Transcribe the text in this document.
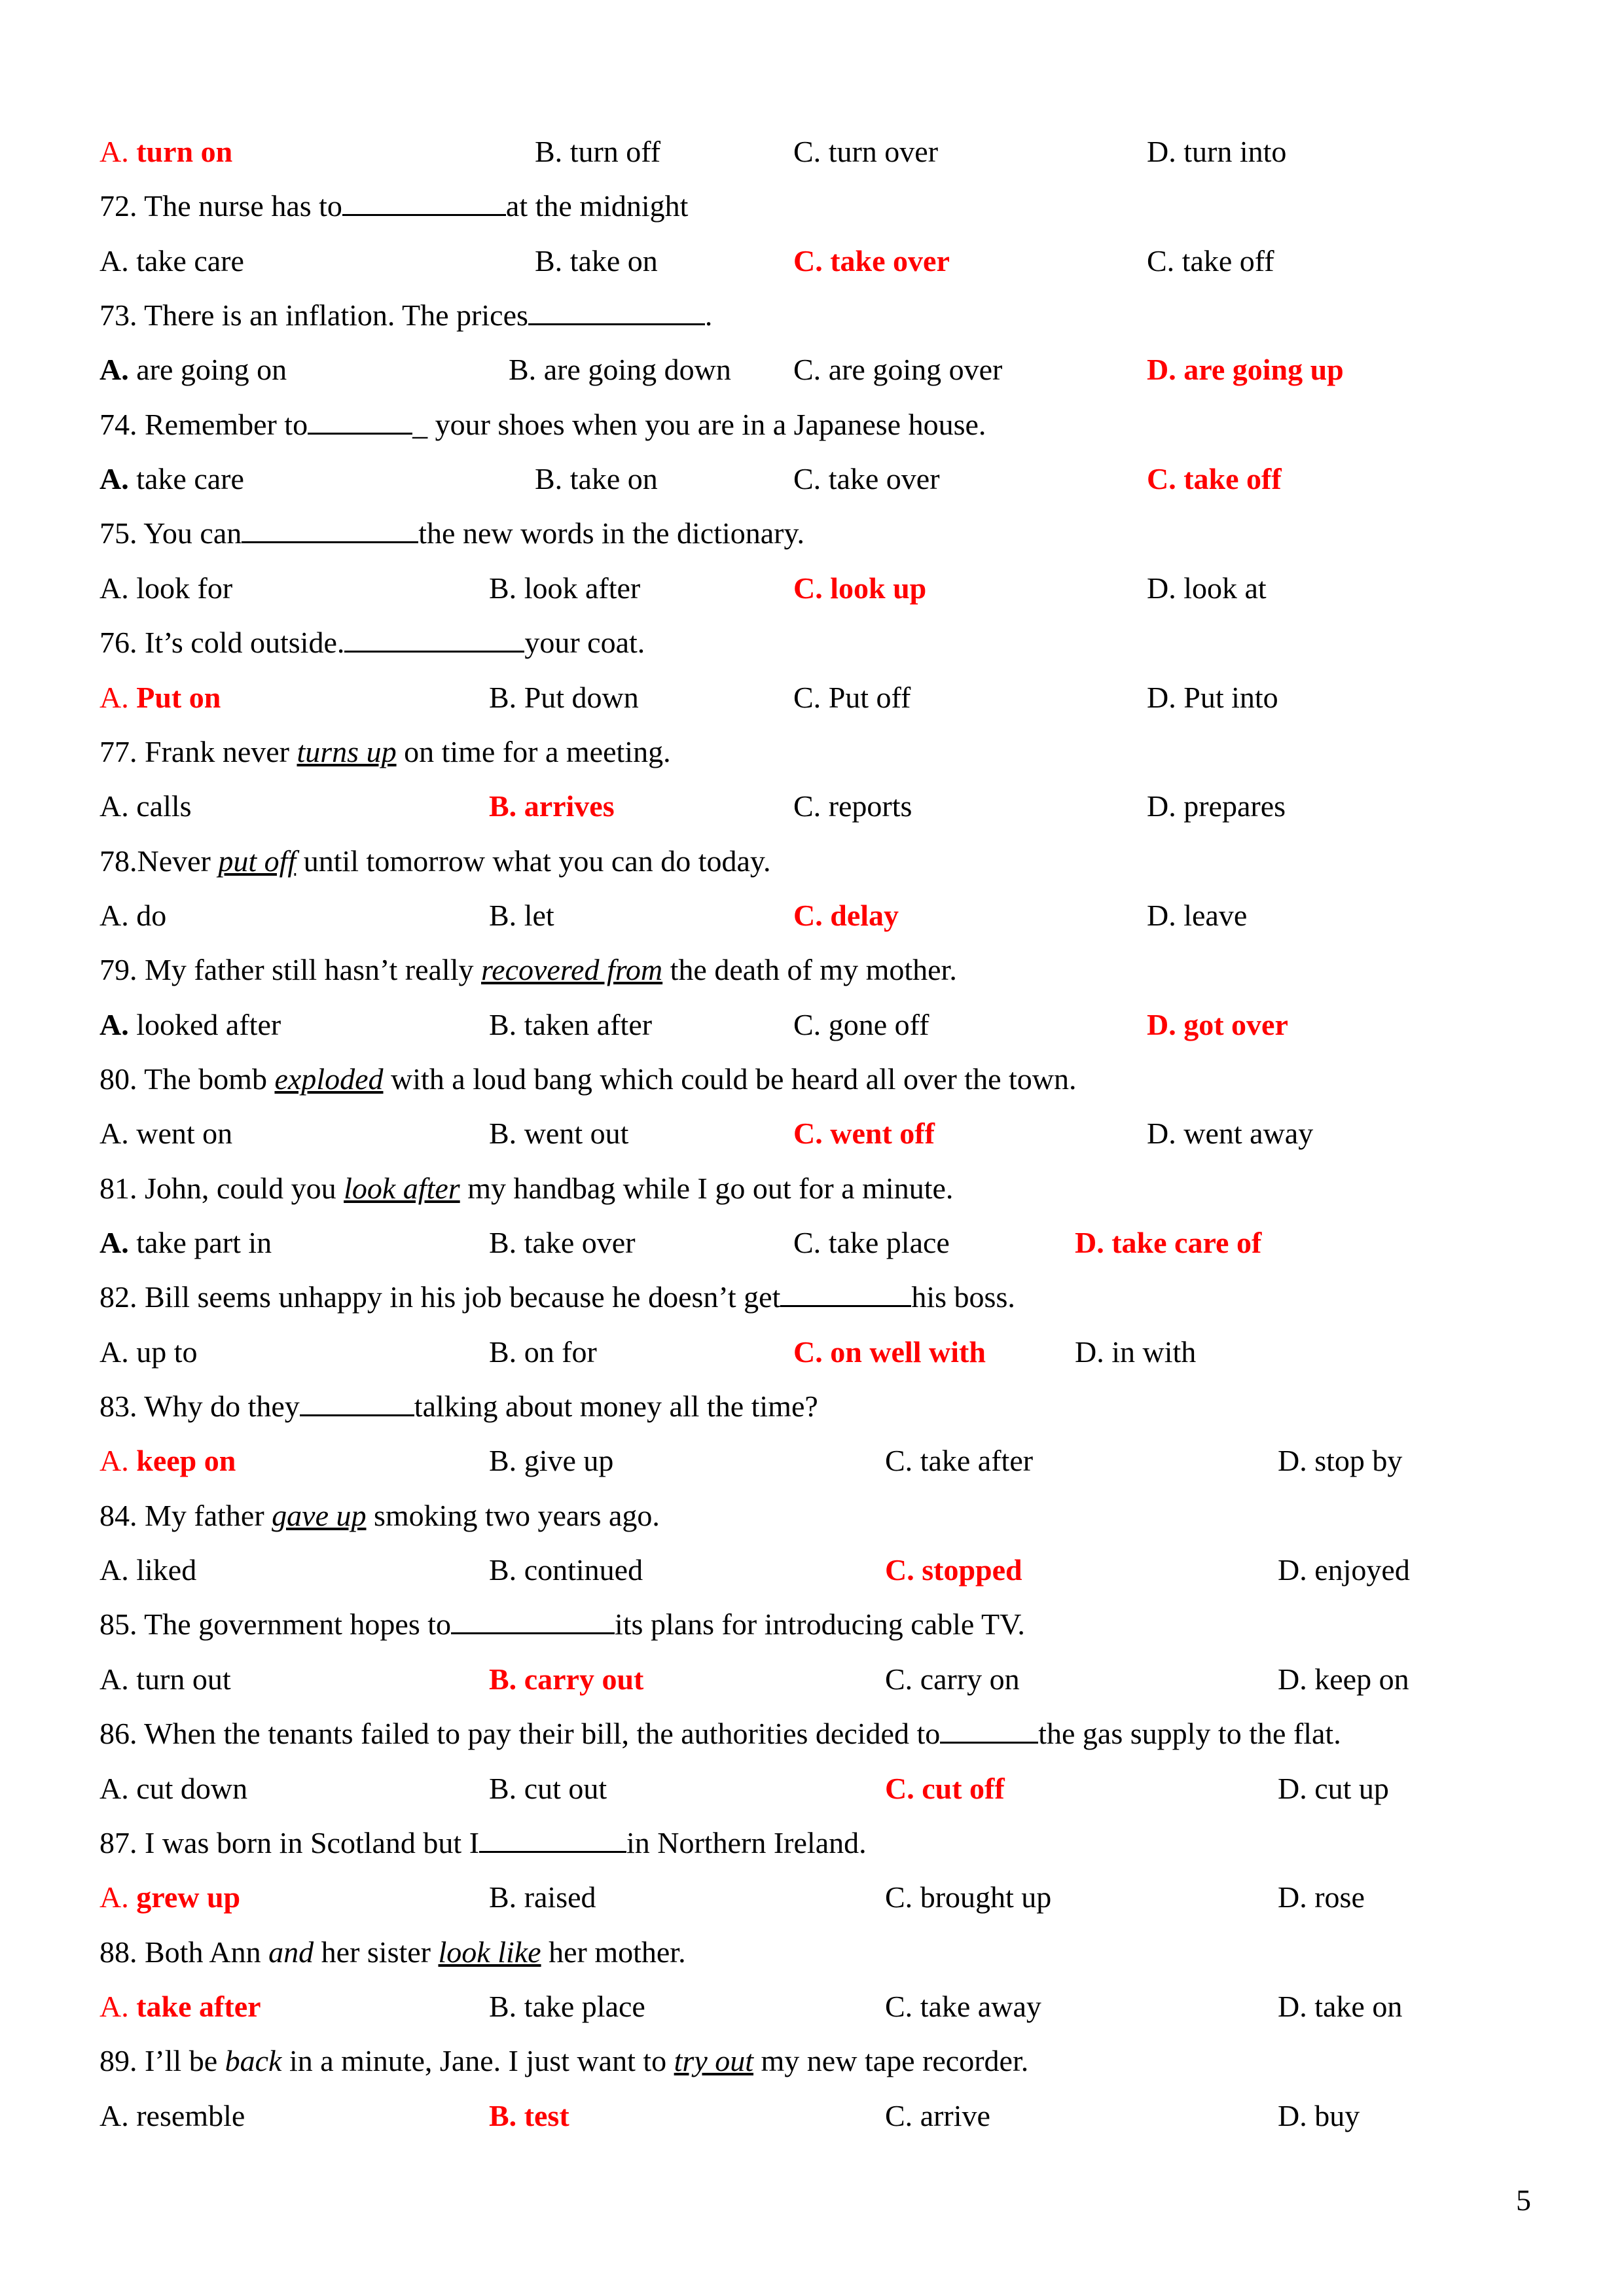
A. turn on	B. turn off	C. turn over	D. turn into
72. The nurse has to	at the midnight
A. take care	B. take on	C. take over	C. take off
73. There is an inflation. The prices	.
A. are going on	B. are going down C. are going over	D. are going up
74. Remember to	_ your shoes when you are in a Japanese house.
A. take care	B. take on	C. take over	C. take off
75. You can	the new words in the dictionary.
A. look for	B. look after	C. look up	D. look at
76. It’s cold outside.	your coat.
A. Put on	B. Put down	C. Put off	D. Put into
77. Frank never turns up on time for a meeting.
A. calls	B. arrives	C. reports	D. prepares
78.Never put off until tomorrow what you can do today.
A. do	B. let	C. delay	D. leave
79. My father still hasn’t really recovered from the death of my mother.
A. looked after	B. taken after	C. gone off	D. got over
80. The bomb exploded with a loud bang which could be heard all over the town.
A. went on	B. went out	C. went off	D. went away
81. John, could you look after my handbag while I go out for a minute.
A. take part in	B. take over	C. take place	D. take care of
82. Bill seems unhappy in his job because he doesn’t get	his boss.
A. up to	B. on for	C. on well with	D. in with
83. Why do they	talking about money all the time?
A. keep on	B. give up	C. take after	D. stop by
84. My father gave up smoking two years ago.
A. liked	B. continued	C. stopped	D. enjoyed
85. The government hopes to	its plans for introducing cable TV.
A. turn out	B. carry out	C. carry on	D. keep on
86. When the tenants failed to pay their bill, the authorities decided to	the gas supply to the flat.
A. cut down	B. cut out	C. cut off	D. cut up
87. I was born in Scotland but I	in Northern Ireland.
A. grew up	B. raised	C. brought up	D. rose
88. Both Ann and her sister look like her mother.
A. take after	B. take place	C. take away	D. take on
89. I’ll be back in a minute, Jane. I just want to try out my new tape recorder.
A. resemble	B. test	C. arrive	D. buy
5
